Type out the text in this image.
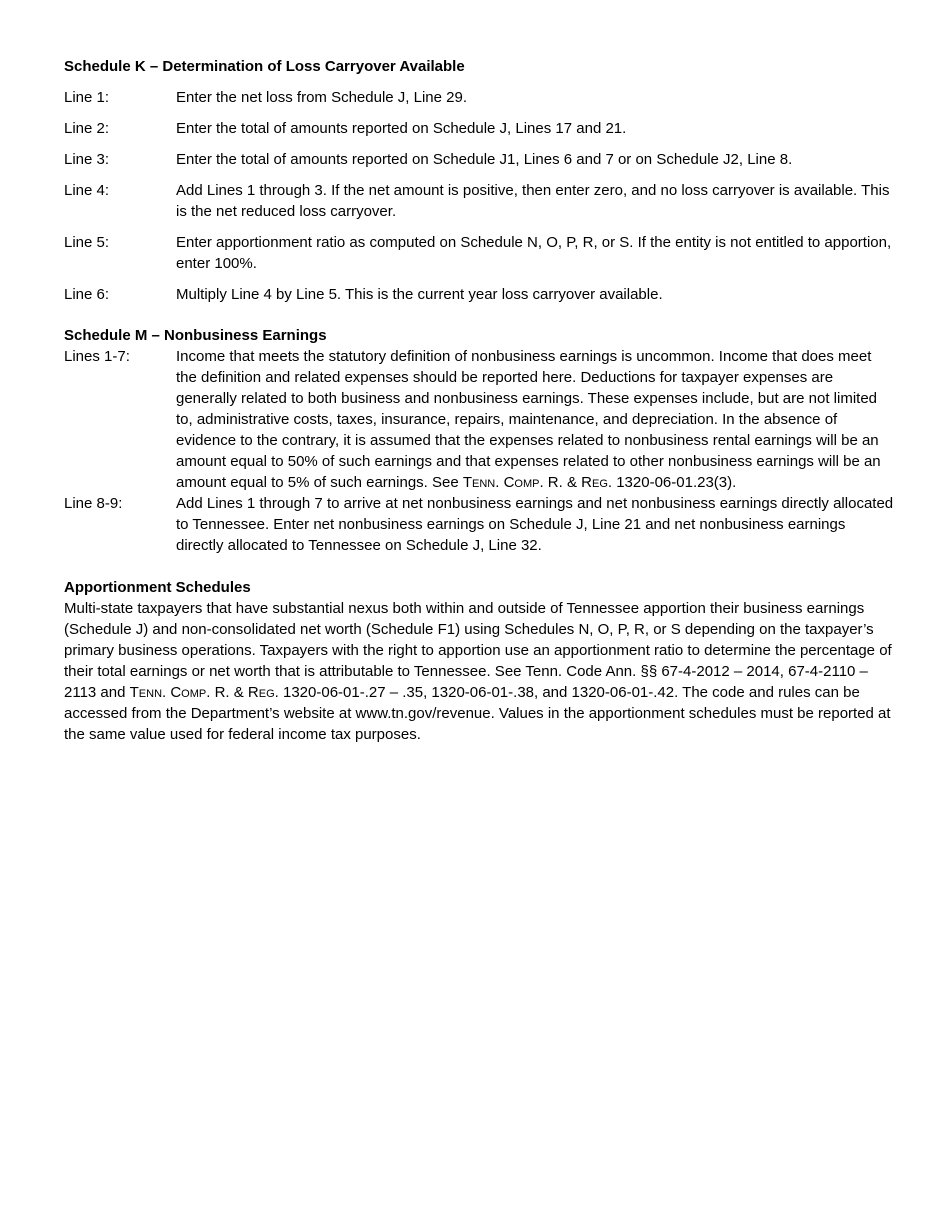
Schedule K – Determination of Loss Carryover Available

Line 1:	Enter the net loss from Schedule J, Line 29.
Line 2:	Enter the total of amounts reported on Schedule J, Lines 17 and 21.
Line 3:	Enter the total of amounts reported on Schedule J1, Lines 6 and 7 or on Schedule J2, Line 8.
Line 4:	Add Lines 1 through 3. If the net amount is positive, then enter zero, and no loss carryover is available. This is the net reduced loss carryover.
Line 5:	Enter apportionment ratio as computed on Schedule N, O, P, R, or S. If the entity is not entitled to apportion, enter 100%.
Line 6:	Multiply Line 4 by Line 5. This is the current year loss carryover available.

Schedule M – Nonbusiness Earnings

Lines 1-7:	Income that meets the statutory definition of nonbusiness earnings is uncommon. Income that does meet the definition and related expenses should be reported here. Deductions for taxpayer expenses are generally related to both business and nonbusiness earnings. These expenses include, but are not limited to, administrative costs, taxes, insurance, repairs, maintenance, and depreciation. In the absence of evidence to the contrary, it is assumed that the expenses related to nonbusiness rental earnings will be an amount equal to 50% of such earnings and that expenses related to other nonbusiness earnings will be an amount equal to 5% of such earnings. See Tenn. Comp. R. & Reg. 1320-06-01.23(3).
Line 8-9:	Add Lines 1 through 7 to arrive at net nonbusiness earnings and net nonbusiness earnings directly allocated to Tennessee. Enter net nonbusiness earnings on Schedule J, Line 21 and net nonbusiness earnings directly allocated to Tennessee on Schedule J, Line 32.

Apportionment Schedules

Multi-state taxpayers that have substantial nexus both within and outside of Tennessee apportion their business earnings (Schedule J) and non-consolidated net worth (Schedule F1) using Schedules N, O, P, R, or S depending on the taxpayer’s primary business operations. Taxpayers with the right to apportion use an apportionment ratio to determine the percentage of their total earnings or net worth that is attributable to Tennessee. See Tenn. Code Ann. §§ 67-4-2012 – 2014, 67-4-2110 – 2113 and Tenn. Comp. R. & Reg. 1320-06-01-.27 – .35, 1320-06-01-.38, and 1320-06-01-.42. The code and rules can be accessed from the Department’s website at www.tn.gov/revenue. Values in the apportionment schedules must be reported at the same value used for federal income tax purposes.
